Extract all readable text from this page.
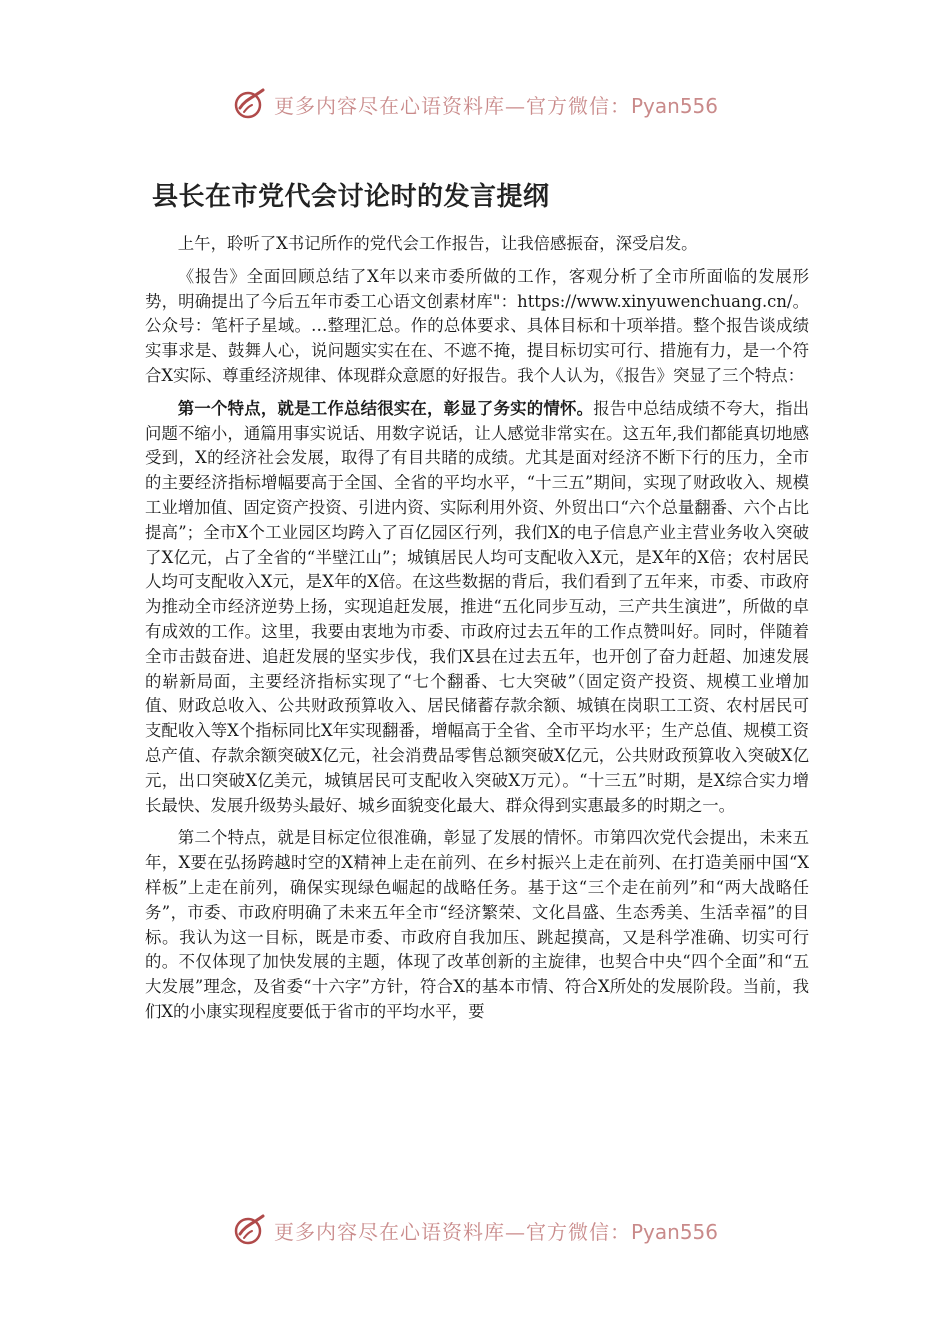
更多内容尽在心语资料库—官方微信：Pyan556
县长在市党代会讨论时的发言提纲

上午，聆听了X书记所作的党代会工作报告，让我倍感振奋，深受启发。

《报告》全面回顾总结了X年以来市委所做的工作，客观分析了全市所面临的发展形势，明确提出了今后五年市委工心语文创素材库"：https://www.xinyuwenchuang.cn/。公众号：笔杆子星域。…整理汇总。作的总体要求、具体目标和十项举措。整个报告谈成绩实事求是、鼓舞人心，说问题实实在在、不遮不掩，提目标切实可行、措施有力，是一个符合X实际、尊重经济规律、体现群众意愿的好报告。我个人认为，《报告》突显了三个特点：

第一个特点，就是工作总结很实在，彰显了务实的情怀。报告中总结成绩不夸大，指出问题不缩小，通篇用事实说话、用数字说话，让人感觉非常实在。这五年,我们都能真切地感受到，X的经济社会发展，取得了有目共睹的成绩。尤其是面对经济不断下行的压力，全市的主要经济指标增幅要高于全国、全省的平均水平，“十三五”期间，实现了财政收入、规模工业增加值、固定资产投资、引进内资、实际利用外资、外贸出口“六个总量翻番、六个占比提高”；全市X个工业园区均跨入了百亿园区行列，我们X的电子信息产业主营业务收入突破了X亿元，占了全省的“半壁江山”；城镇居民人均可支配收入X元，是X年的X倍；农村居民人均可支配收入X元，是X年的X倍。在这些数据的背后，我们看到了五年来，市委、市政府为推动全市经济逆势上扬，实现追赶发展，推进“五化同步互动，三产共生演进”，所做的卓有成效的工作。这里，我要由衷地为市委、市政府过去五年的工作点赞叫好。同时，伴随着全市击鼓奋进、追赶发展的坚实步伐，我们X县在过去五年，也开创了奋力赶超、加速发展的崭新局面，主要经济指标实现了“七个翻番、七大突破”（固定资产投资、规模工业增加值、财政总收入、公共财政预算收入、居民储蓄存款余额、城镇在岗职工工资、农村居民可支配收入等X个指标同比X年实现翻番，增幅高于全省、全市平均水平；生产总值、规模工资总产值、存款余额突破X亿元，社会消费品零售总额突破X亿元，公共财政预算收入突破X亿元，出口突破X亿美元，城镇居民可支配收入突破X万元）。“十三五”时期，是X综合实力增长最快、发展升级势头最好、城乡面貌变化最大、群众得到实惠最多的时期之一。

第二个特点，就是目标定位很准确，彰显了发展的情怀。市第四次党代会提出，未来五年，X要在弘扬跨越时空的X精神上走在前列、在乡村振兴上走在前列、在打造美丽中国“X样板”上走在前列，确保实现绿色崛起的战略任务。基于这“三个走在前列”和“两大战略任务”，市委、市政府明确了未来五年全市“经济繁荣、文化昌盛、生态秀美、生活幸福”的目标。我认为这一目标，既是市委、市政府自我加压、跳起摸高，又是科学准确、切实可行的。不仅体现了加快发展的主题，体现了改革创新的主旋律，也契合中央“四个全面”和“五大发展”理念，及省委“十六字”方针，符合X的基本市情、符合X所处的发展阶段。当前，我们X的小康实现程度要低于省市的平均水平，要

更多内容尽在心语资料库—官方微信：Pyan556
